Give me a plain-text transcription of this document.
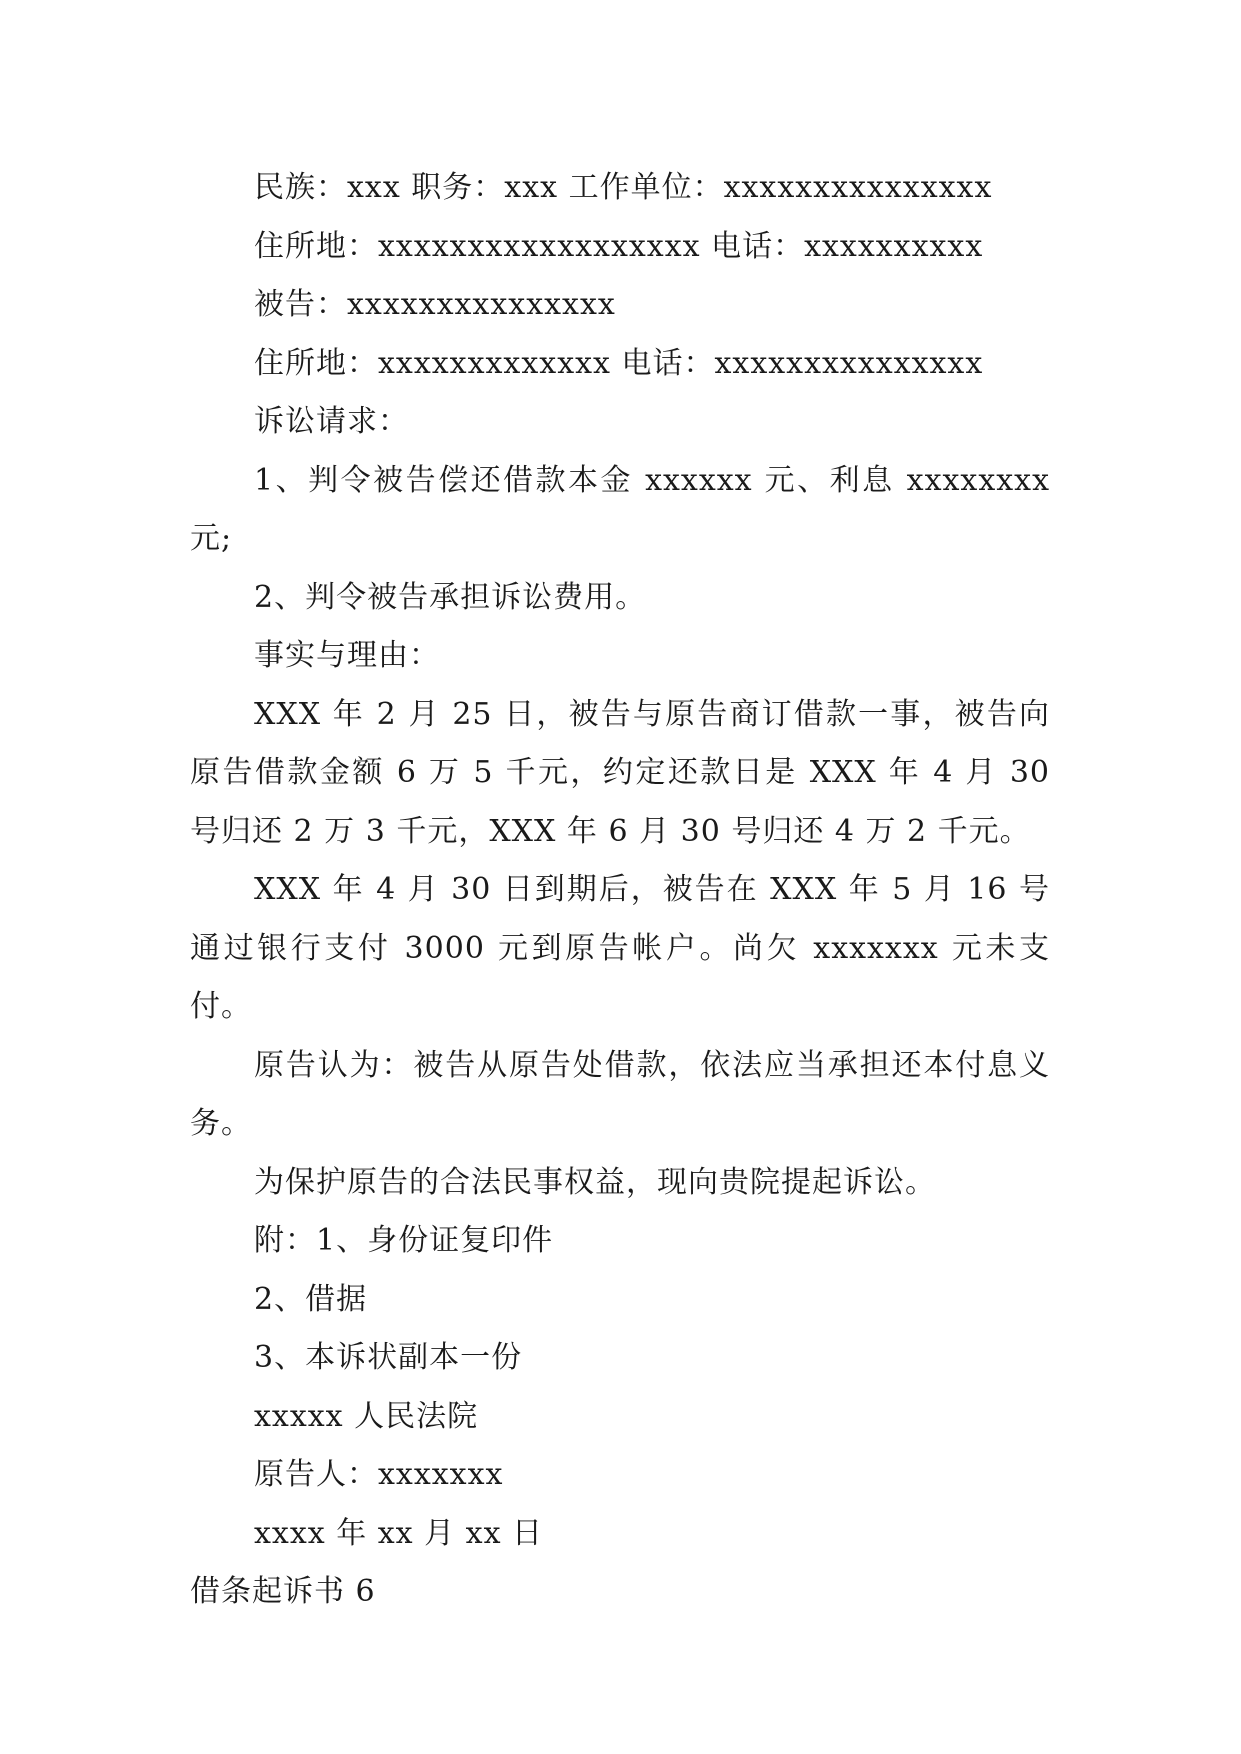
民族：xxx 职务：xxx 工作单位：xxxxxxxxxxxxxxx

住所地：xxxxxxxxxxxxxxxxxx 电话：xxxxxxxxxx

被告：xxxxxxxxxxxxxxx

住所地：xxxxxxxxxxxxx 电话：xxxxxxxxxxxxxxx

诉讼请求：

1、判令被告偿还借款本金 xxxxxx 元、利息 xxxxxxxx 元;

2、判令被告承担诉讼费用。

事实与理由：

XXX 年 2 月 25 日，被告与原告商订借款一事，被告向原告借款金额 6 万 5 千元，约定还款日是 XXX 年 4 月 30 号归还 2 万 3 千元，XXX 年 6 月 30 号归还 4 万 2 千元。

XXX 年 4 月 30 日到期后，被告在 XXX 年 5 月 16 号通过银行支付 3000 元到原告帐户。尚欠 xxxxxxx 元未支付。

原告认为：被告从原告处借款，依法应当承担还本付息义务。

为保护原告的合法民事权益，现向贵院提起诉讼。

附：1、身份证复印件

2、借据

3、本诉状副本一份

xxxxx 人民法院

原告人：xxxxxxx

xxxx 年 xx 月 xx 日

借条起诉书 6
